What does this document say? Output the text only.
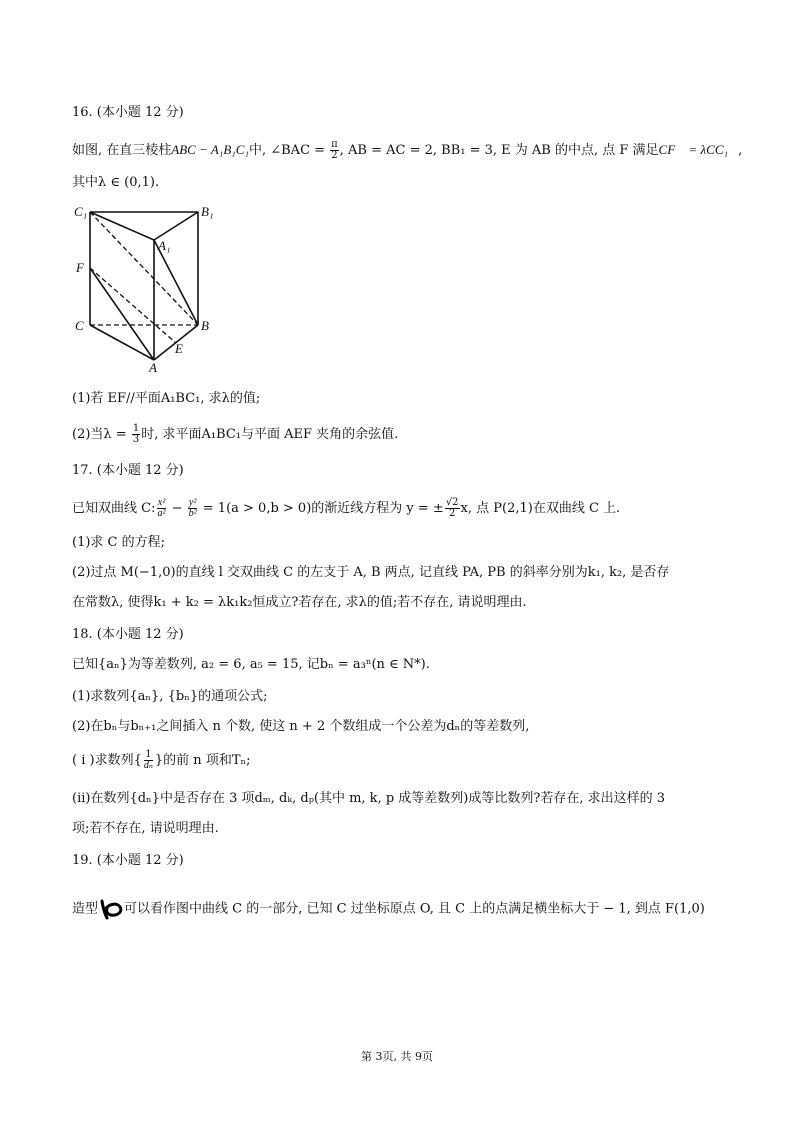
16. (本小题 12 分)
如图, 在直三棱柱ABC − A₁B₁C₁中, ∠BAC = $\frac{\pi}{2}$ , AB = AC = 2, BB₁ = 3, E 为 AB 的中点, 点 F 满足CF⃗ = λCC₁⃗,
其中λ ∈ (0,1).
C₁	B₁
A₁
F
C	B
E
A
(1)若 EF//平面A₁BC₁, 求λ的值;
(2)当$\lambda = \frac{1}{3}$ 时, 求平面A₁BC₁与平面 AEF 夹角的余弦值.
17. (本小题 12 分)
已知双曲线 C: $\frac{\text{x²}}{\text{a²}} - \frac{\text{y²}}{\text{b²}} = 1(a > 0,b > 0)$的渐近线方程为 y = ± $\frac{√2}{2} x$, 点 P(2,1)在双曲线 C 上.
(1)求 C 的方程;
(2)过点 M(−1,0)的直线 l 交双曲线 C 的左支于 A, B 两点, 记直线 PA, PB 的斜率分别为k₁, k₂, 是否存
在常数λ, 使得k₁ + k₂ = λk₁k₂恒成立?若存在, 求λ的值;若不存在, 请说明理由.
18. (本小题 12 分)
已知{aₙ}为等差数列, a₂ = 6, a₅ = 15, 记bₙ = a₃ⁿ(n ∈ N*).
(1)求数列{aₙ}, {bₙ}的通项公式;
(2)在bₙ与bₙ₊₁之间插入 n 个数, 使这 n + 2 个数组成一个公差为dₙ的等差数列,
( i )求数列{ $\frac{1}{\text{dₙ}}$ }的前 n 项和Tₙ;
(ii)在数列{dₙ}中是否存在 3 项dₘ, dₖ, dₚ(其中 m, k, p 成等差数列)成等比数列?若存在, 求出这样的 3
项;若不存在, 请说明理由.
19. (本小题 12 分)
造型 可以看作图中曲线 C 的一部分, 已知 C 过坐标原点 O, 且 C 上的点满足横坐标大于 − 1, 到点 F(1,0)
第 3页, 共 9页
